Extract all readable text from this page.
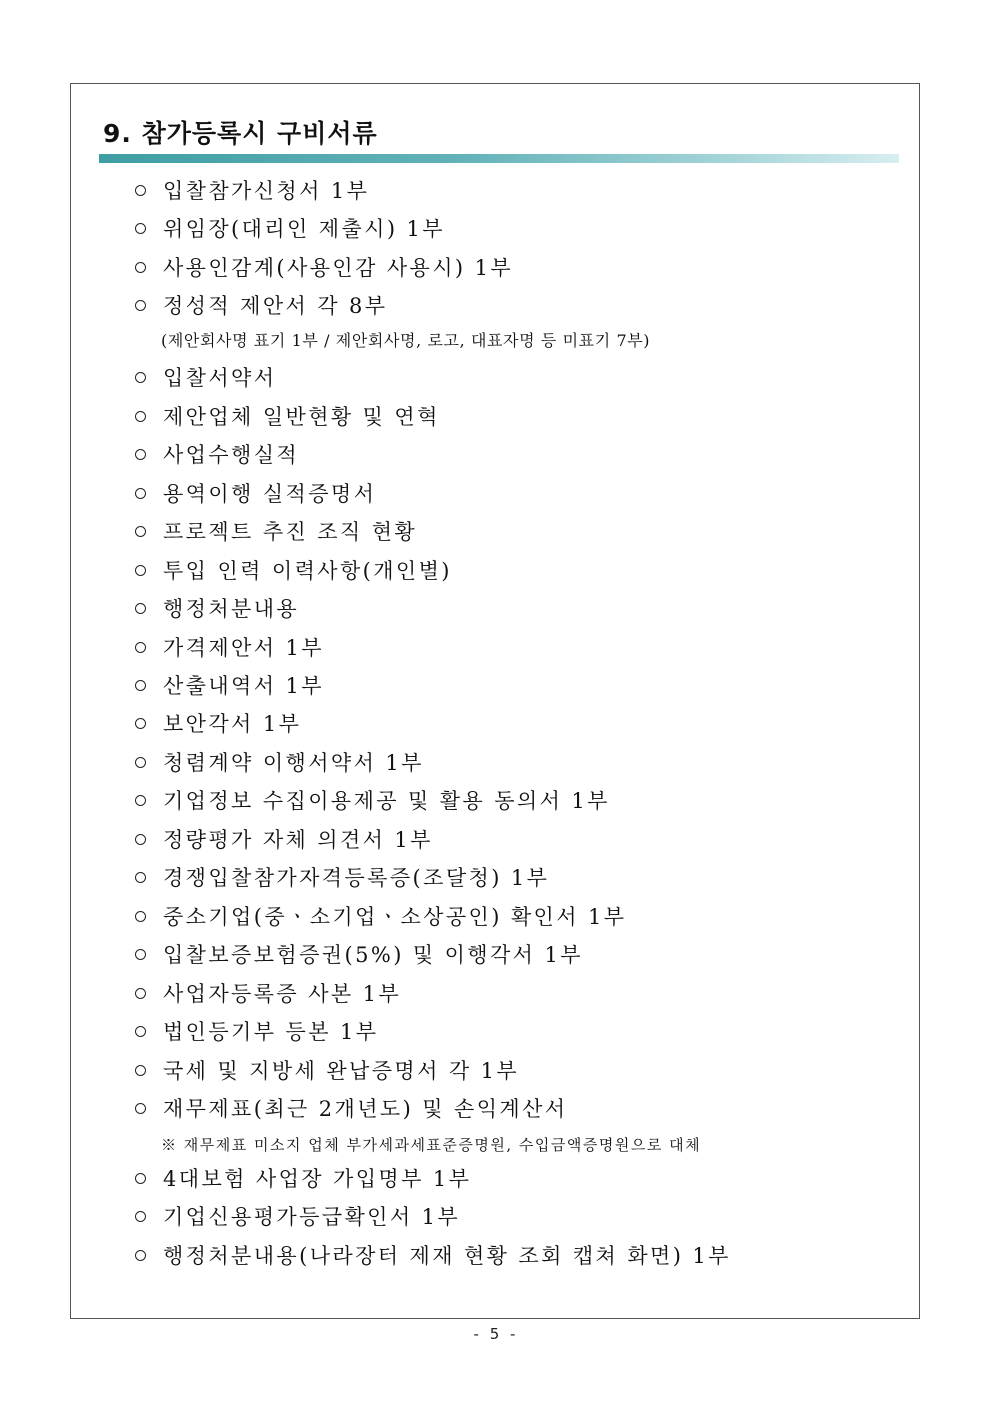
9. 참가등록시 구비서류
입찰참가신청서 1부
위임장(대리인 제출시) 1부
사용인감계(사용인감 사용시) 1부
정성적 제안서 각 8부
(제안회사명 표기 1부 / 제안회사명, 로고, 대표자명 등 미표기 7부)
입찰서약서
제안업체 일반현황 및 연혁
사업수행실적
용역이행 실적증명서
프로젝트 추진 조직 현황
투입 인력 이력사항(개인별)
행정처분내용
가격제안서 1부
산출내역서 1부
보안각서 1부
청렴계약 이행서약서 1부
기업정보 수집이용제공 및 활용 동의서 1부
정량평가 자체 의견서 1부
경쟁입찰참가자격등록증(조달청) 1부
중소기업(중ㆍ소기업ㆍ소상공인) 확인서 1부
입찰보증보험증권(5%) 및 이행각서 1부
사업자등록증 사본 1부
법인등기부 등본 1부
국세 및 지방세 완납증명서 각 1부
재무제표(최근 2개년도) 및 손익계산서
※ 재무제표 미소지 업체 부가세과세표준증명원, 수입금액증명원으로 대체
4대보험 사업장 가입명부 1부
기업신용평가등급확인서 1부
행정처분내용(나라장터 제재 현황 조회 캡쳐 화면) 1부
- 5 -
